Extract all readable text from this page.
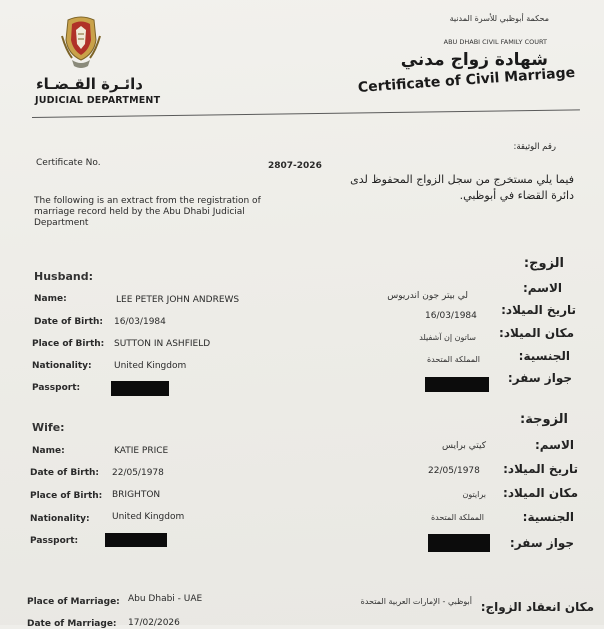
دائـرة القـضـاء
JUDICIAL DEPARTMENT
محكمة أبوظبي للأسرة المدنية
ABU DHABI CIVIL FAMILY COURT
شهادة زواج مدني
Certificate of Civil Marriage
Certificate No.	2807-2026
رقم الوثيقة:
The following is an extract from the registration of
marriage record held by the Abu Dhabi Judicial
Department
فيما يلي مستخرج من سجل الزواج المحفوظ لدى
دائرة القضاء في أبوظبي.
Husband:
الزوج:
Name:	LEE PETER JOHN ANDREWS	لي بيتر جون اندريوس
الاسم:
Date of Birth: 16/03/1984
16/03/1984 تاريخ الميلاد:
Place of Birth: SUTTON IN ASHFIELD
ساتون إن آشفيلد مكان الميلاد:
Nationality: United Kingdom
المملكة المتحدة	الجنسية:
Passport:
جواز سفر:
Wife:
الزوجة:
Name:	KATIE PRICE	كيتي برايس	الاسم:
Date of Birth: 22/05/1978	22/05/1978 تاريخ الميلاد:
Place of Birth: BRIGHTON	برايتون مكان الميلاد:
Nationality: United Kingdom	المملكة المتحدة	الجنسية:
Passport:	جواز سفر:
Place of Marriage: Abu Dhabi - UAE	أبوظبي - الإمارات العربية المتحدة مكان انعقاد الزواج:
Date of Marriage: 17/02/2026
